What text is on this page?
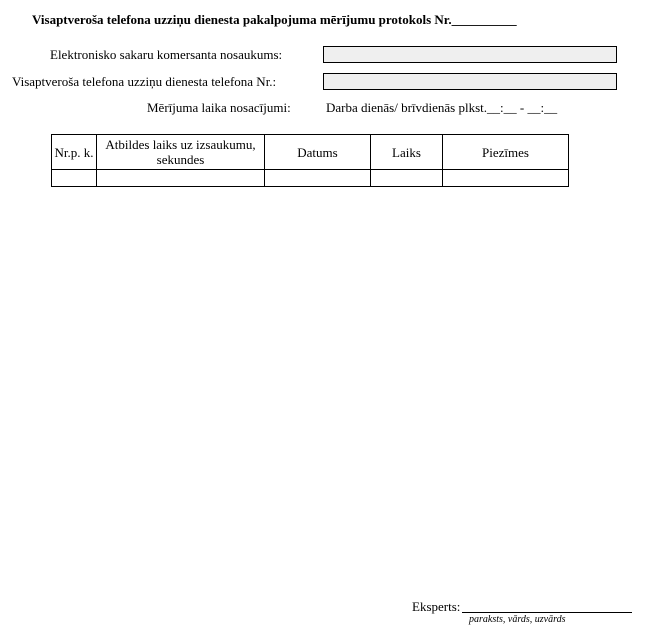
Visaptveroša telefona uzziņu dienesta pakalpojuma mērījumu protokols Nr.__________
Elektronisko sakaru komersanta nosaukums:
Visaptveroša telefona uzziņu dienesta telefona Nr.:
Mērījuma laika nosacījumi:	Darba dienās/ brīvdienās plkst.__:__ - __:__
Nr.p. k.	Atbildes laiks uz izsaukumu, sekundes	Datums	Laiks	Piezīmes

Eksperts:
paraksts, vārds, uzvārds
